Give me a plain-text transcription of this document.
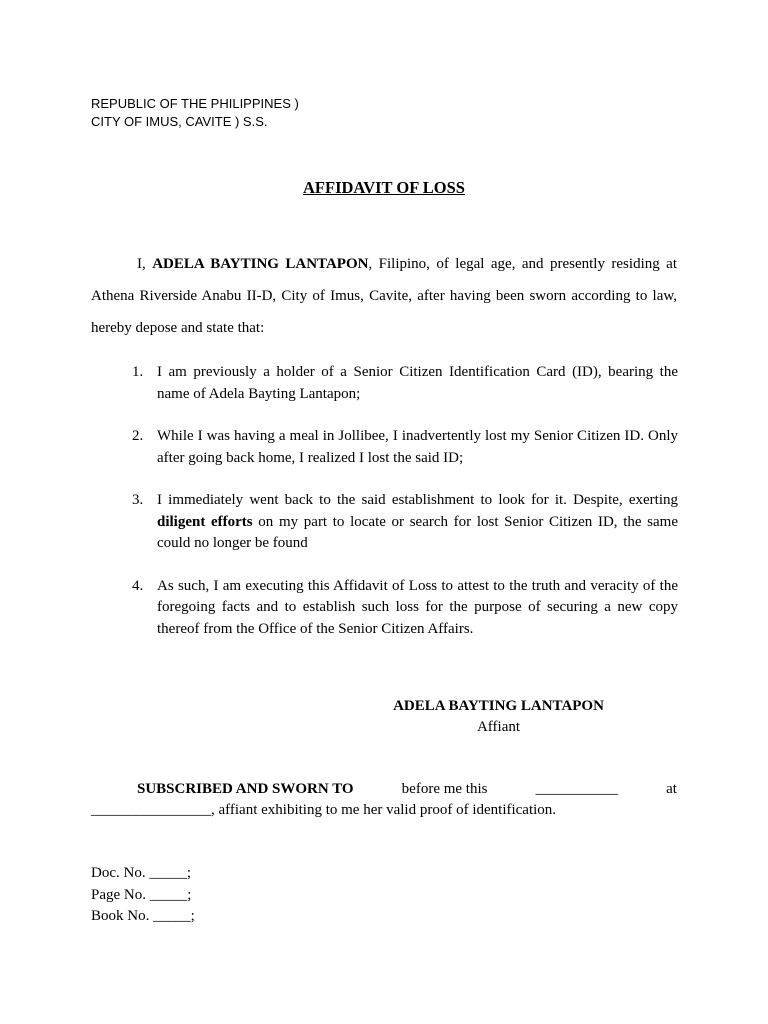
REPUBLIC OF THE PHILIPPINES )
CITY OF IMUS, CAVITE ) S.S.
AFFIDAVIT OF LOSS
I, ADELA BAYTING LANTAPON, Filipino, of legal age, and presently residing at Athena Riverside Anabu II-D, City of Imus, Cavite, after having been sworn according to law, hereby depose and state that:
1. I am previously a holder of a Senior Citizen Identification Card (ID), bearing the name of Adela Bayting Lantapon;
2. While I was having a meal in Jollibee, I inadvertently lost my Senior Citizen ID. Only after going back home, I realized I lost the said ID;
3. I immediately went back to the said establishment to look for it. Despite, exerting diligent efforts on my part to locate or search for lost Senior Citizen ID, the same could no longer be found
4. As such, I am executing this Affidavit of Loss to attest to the truth and veracity of the foregoing facts and to establish such loss for the purpose of securing a new copy thereof from the Office of the Senior Citizen Affairs.
ADELA BAYTING LANTAPON
Affiant
SUBSCRIBED AND SWORN TO	before me this	___________	at
________________, affiant exhibiting to me her valid proof of identification.
Doc. No. _____;
Page No. _____;
Book No. _____;
